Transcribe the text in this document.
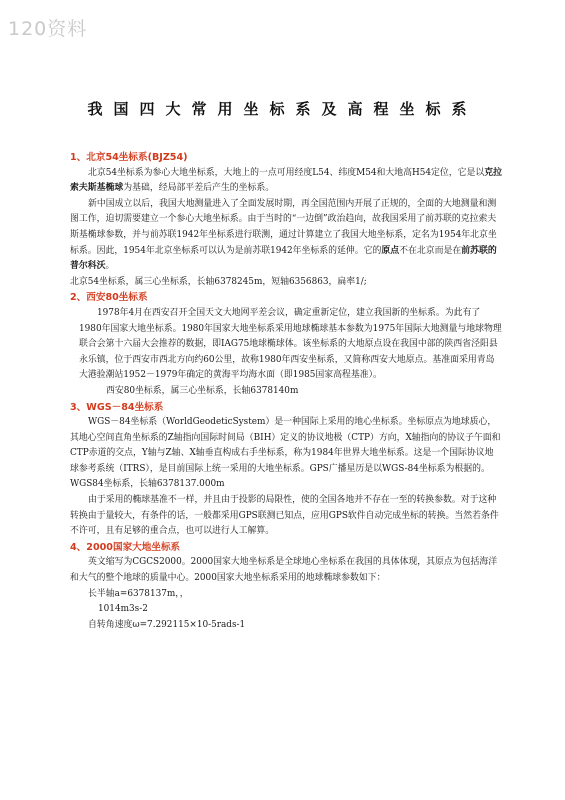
120资料
我国四大常用坐标系及高程坐标系

1、北京54坐标系(BJZ54)

北京54坐标系为参心大地坐标系，大地上的一点可用经度L54、纬度M54和大地高H54定位，它是以克拉索夫斯基椭球为基础，经局部平差后产生的坐标系。

新中国成立以后，我国大地测量进入了全面发展时期，再全国范围内开展了正规的，全面的大地测量和测图工作，迫切需要建立一个参心大地坐标系。由于当时的“一边倒”政治趋向，故我国采用了前苏联的克拉索夫斯基椭球参数，并与前苏联1942年坐标系进行联测，通过计算建立了我国大地坐标系，定名为1954年北京坐标系。因此，1954年北京坐标系可以认为是前苏联1942年坐标系的延伸。它的原点不在北京而是在前苏联的普尔科沃。

北京54坐标系，属三心坐标系，长轴6378245m，短轴6356863，扁率1/;

2、西安80坐标系

1978年4月在西安召开全国天文大地网平差会议，确定重新定位，建立我国新的坐标系。为此有了1980年国家大地坐标系。1980年国家大地坐标系采用地球椭球基本参数为1975年国际大地测量与地球物理联合会第十六届大会推荐的数据，即IAG75地球椭球体。该坐标系的大地原点设在我国中部的陕西省泾阳县永乐镇，位于西安市西北方向约60公里，故称1980年西安坐标系，又简称西安大地原点。基准面采用青岛大港验潮站1952－1979年确定的黄海平均海水面（即1985国家高程基准）。

西安80坐标系，属三心坐标系，长轴6378140m

3、WGS－84坐标系

WGS－84坐标系（WorldGeodeticSystem）是一种国际上采用的地心坐标系。坐标原点为地球质心，其地心空间直角坐标系的Z轴指向国际时间局（BIH）定义的协议地极（CTP）方向，X轴指向的协议子午面和CTP赤道的交点，Y轴与Z轴、X轴垂直构成右手坐标系，称为1984年世界大地坐标系。这是一个国际协议地球参考系统（ITRS），是目前国际上统一采用的大地坐标系。GPS广播星历是以WGS-84坐标系为根据的。

WGS84坐标系，长轴6378137.000m

由于采用的椭球基准不一样，并且由于投影的局限性，使的全国各地并不存在一至的转换参数。对于这种转换由于量较大，有条件的话，一般都采用GPS联测已知点，应用GPS软件自动完成坐标的转换。当然若条件不许可，且有足够的重合点，也可以进行人工解算。

4、2000国家大地坐标系

英文缩写为CGCS2000。2000国家大地坐标系是全球地心坐标系在我国的具体体现，其原点为包括海洋和大气的整个地球的质量中心。2000国家大地坐标系采用的地球椭球参数如下：

长半轴a=6378137m，，

1014m3s-2

自转角速度ω=7.292115×10-5rads-1
